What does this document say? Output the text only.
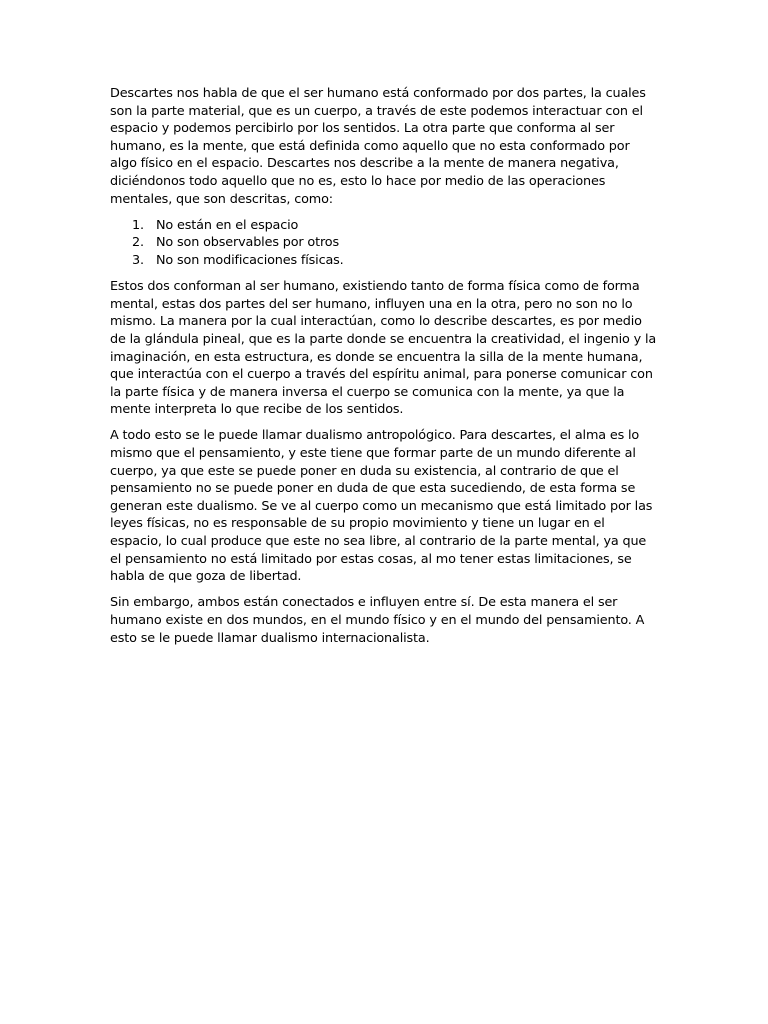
Descartes nos habla de que el ser humano está conformado por dos partes, la cuales son la parte material, que es un cuerpo, a través de este podemos interactuar con el espacio y podemos percibirlo por los sentidos. La otra parte que conforma al ser humano, es la mente, que está definida como aquello que no esta conformado por algo físico en el espacio. Descartes nos describe a la mente de manera negativa, diciéndonos todo aquello que no es, esto lo hace por medio de las operaciones mentales, que son descritas, como:

1. No están en el espacio
2. No son observables por otros
3. No son modificaciones físicas.

Estos dos conforman al ser humano, existiendo tanto de forma física como de forma mental, estas dos partes del ser humano, influyen una en la otra, pero no son no lo mismo. La manera por la cual interactúan, como lo describe descartes, es por medio de la glándula pineal, que es la parte donde se encuentra la creatividad, el ingenio y la imaginación, en esta estructura, es donde se encuentra la silla de la mente humana, que interactúa con el cuerpo a través del espíritu animal, para ponerse comunicar con la parte física y de manera inversa el cuerpo se comunica con la mente, ya que la mente interpreta lo que recibe de los sentidos.

A todo esto se le puede llamar dualismo antropológico. Para descartes, el alma es lo mismo que el pensamiento, y este tiene que formar parte de un mundo diferente al cuerpo, ya que este se puede poner en duda su existencia, al contrario de que el pensamiento no se puede poner en duda de que esta sucediendo, de esta forma se generan este dualismo. Se ve al cuerpo como un mecanismo que está limitado por las leyes físicas, no es responsable de su propio movimiento y tiene un lugar en el espacio, lo cual produce que este no sea libre, al contrario de la parte mental, ya que el pensamiento no está limitado por estas cosas, al mo tener estas limitaciones, se habla de que goza de libertad.

Sin embargo, ambos están conectados e influyen entre sí. De esta manera el ser humano existe en dos mundos, en el mundo físico y en el mundo del pensamiento. A esto se le puede llamar dualismo internacionalista.
